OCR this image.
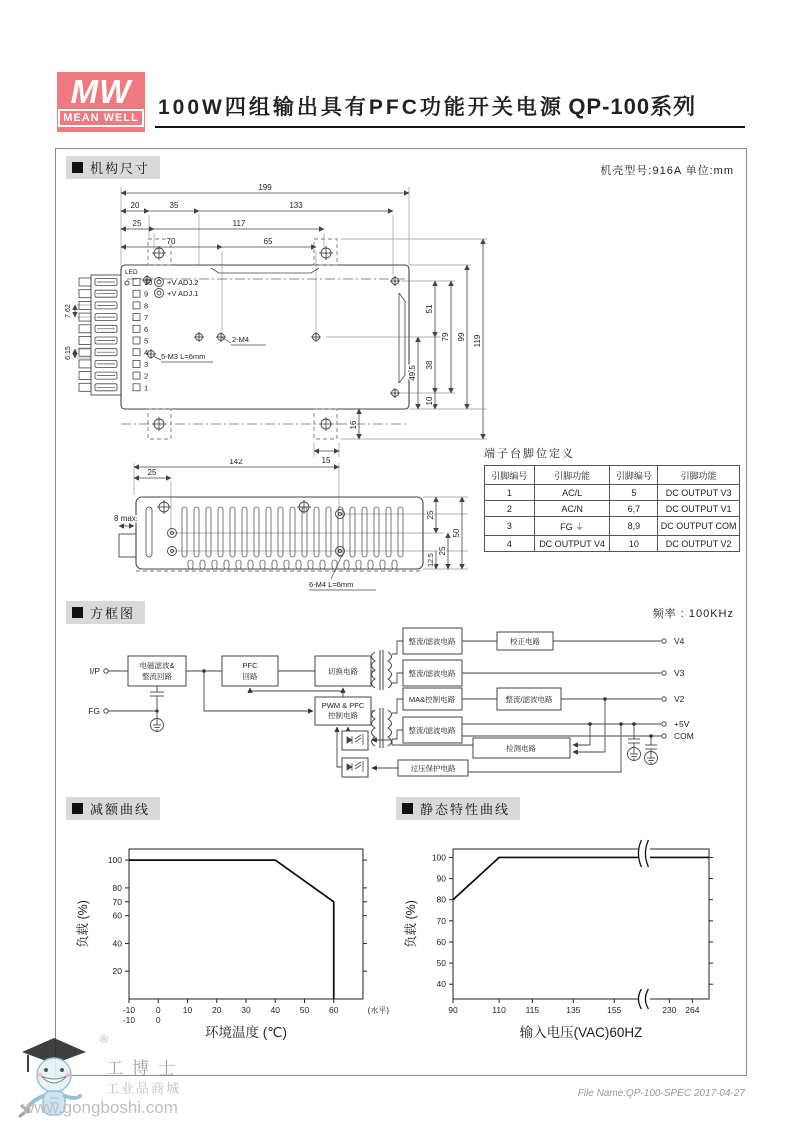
MW
MEAN WELL 100W四组输出具有PFC功能开关电源 QP-100系列
机构尺寸	机壳型号:916A 单位:mm
10
9
8
7
6
5
4
3
2
1
199
20	35	133
25	117
70	65
7.62
6.15
49.5
51
38
10
79 99 119
16
15
LED
+V ADJ.2
+V ADJ.1
2-M4
5-M3 L=6mm
142
25
8 max.	25
25
12.5
50
6-M4 L=6mm
端子台脚位定义
引脚编号	引脚功能	引脚编号	引脚功能
1	AC/L	5	DC OUTPUT V3
2	AC/N	6,7	DC OUTPUT V1
3	FG ⏚	8,9	DC OUTPUT COM
4	DC OUTPUT V4	10	DC OUTPUT V2
方框图	频率 : 100KHz
I/P
FG
电磁滤波&
整流回路
PFC
回路
切换电路
PWM & PFC
控制电路
整流/滤波电路
整流/滤波电路
MA&控制电路	整流/滤波电路
整流/滤波电路
校正电路
检测电路
过压保护电路
V4
V3
V2
+5V
COM
减额曲线	静态特性曲线
20
40
60
70
80
100
-10
-10
0
0
10 20 30 40 50 60	(水平)
环境温度 (℃)
负载 (%)
40
50
60
70
80
90
100
90	110 115	135	155	230 264
输入电压(VAC)60HZ
负载 (%)
®
工博士
工业品商城
www.gongboshi.com
File Name:QP-100-SPEC 2017-04-27
